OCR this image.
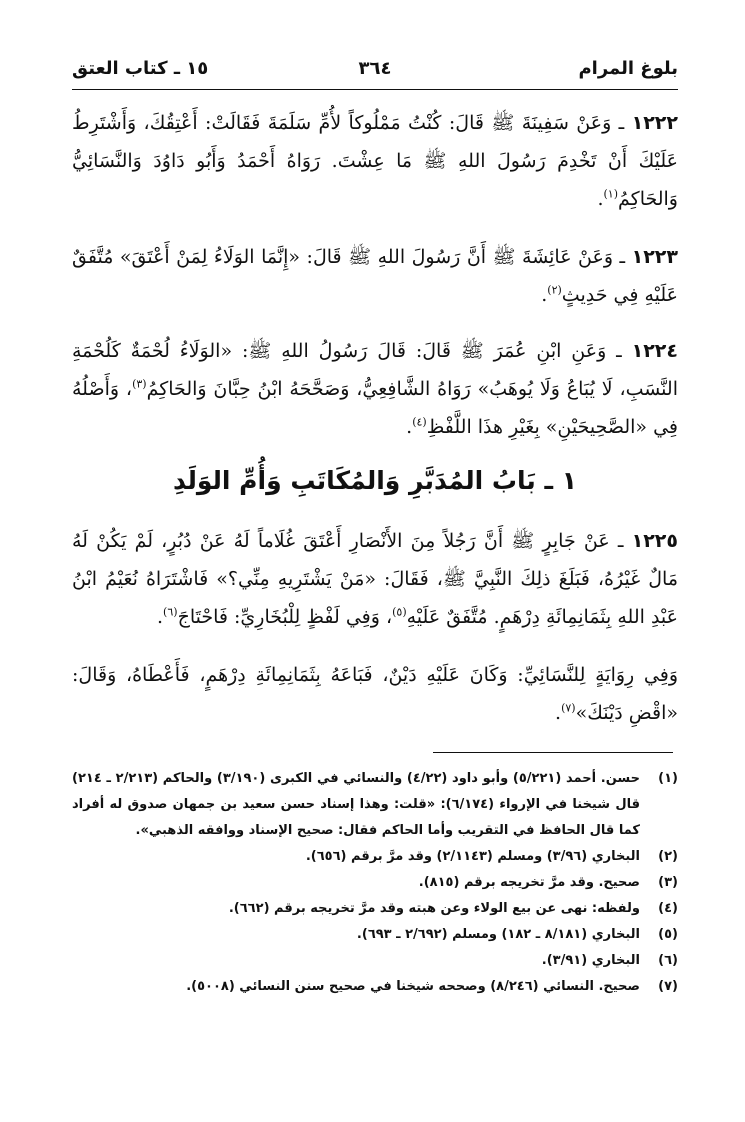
بلوغ المرام
٣٦٤
١٥ ـ كتاب العتق

١٢٢٢ ـ وَعَنْ سَفِينَةَ ﷺ قَالَ: كُنْتُ مَمْلُوكاً لأُمِّ سَلَمَةَ فَقَالَتْ: أَعْتِقُكَ، وَأَشْتَرِطُ عَلَيْكَ أَنْ تَخْدِمَ رَسُولَ اللهِ ﷺ مَا عِشْتَ. رَوَاهُ أَحْمَدُ وَأَبُو دَاوُدَ وَالنَّسَائِيُّ وَالحَاكِمُ$^{(١)}$.

١٢٢٣ ـ وَعَنْ عَائِشَةَ ﷺ أَنَّ رَسُولَ اللهِ ﷺ قَالَ: «إِنَّمَا الوَلَاءُ لِمَنْ أَعْتَقَ» مُتَّفَقٌ عَلَيْهِ فِي حَدِيثٍ$^{(٢)}$.

١٢٢٤ ـ وَعَنِ ابْنِ عُمَرَ ﷺ قَالَ: قَالَ رَسُولُ اللهِ ﷺ: «الوَلَاءُ لُحْمَةٌ كَلُحْمَةِ النَّسَبِ، لَا يُبَاعُ وَلَا يُوهَبُ» رَوَاهُ الشَّافِعِيُّ، وَصَحَّحَهُ ابْنُ حِبَّانَ وَالحَاكِمُ$^{(٣)}$، وَأَصْلُهُ فِي «الصَّحِيحَيْنِ» بِغَيْرِ هذَا اللَّفْظِ$^{(٤)}$.

١ ـ بَابُ المُدَبَّرِ وَالمُكَاتَبِ وَأُمِّ الوَلَدِ

١٢٢٥ ـ عَنْ جَابِرٍ ﷺ أَنَّ رَجُلاً مِنَ الأَنْصَارِ أَعْتَقَ غُلَاماً لَهُ عَنْ دُبُرٍ، لَمْ يَكُنْ لَهُ مَالٌ غَيْرُهُ، فَبَلَغَ ذلِكَ النَّبِيَّ ﷺ، فَقَالَ: «مَنْ يَشْتَرِيهِ مِنِّي؟» فَاشْتَرَاهُ نُعَيْمُ ابْنُ عَبْدِ اللهِ بِثَمَانِمِائَةِ دِرْهَمٍ. مُتَّفَقٌ عَلَيْهِ$^{(٥)}$، وَفِي لَفْظٍ لِلْبُخَارِيِّ: فَاحْتَاجَ$^{(٦)}$.

وَفِي رِوَايَةٍ لِلنَّسَائِيِّ: وَكَانَ عَلَيْهِ دَيْنٌ، فَبَاعَهُ بِثَمَانِمِائَةِ دِرْهَمٍ، فَأَعْطَاهُ، وَقَالَ: «اقْضِ دَيْنَكَ»$^{(٧)}$.

(١)
حسن. أحمد (٥/٢٢١) وأبو داود (٤/٢٢) والنسائي في الكبرى (٣/١٩٠) والحاكم (٢/٢١٣ ـ ٢١٤) قال شيخنا في الإرواء (٦/١٧٤): «قلت: وهذا إسناد حسن سعيد بن جمهان صدوق له أفراد كما قال الحافظ في التقريب وأما الحاكم فقال: صحيح الإسناد ووافقه الذهبي».
(٢)
البخاري (٣/٩٦) ومسلم (٢/١١٤٣) وقد مرَّ برقم (٦٥٦).
(٣)
صحيح. وقد مرَّ تخريجه برقم (٨١٥).
(٤)
ولفظه: نهى عن بيع الولاء وعن هبته وقد مرَّ تخريجه برقم (٦٦٢).
(٥)
البخاري (٨/١٨١ ـ ١٨٢) ومسلم (٢/٦٩٢ ـ ٦٩٣).
(٦)
البخاري (٣/٩١).
(٧)
صحيح. النسائي (٨/٢٤٦) وصححه شيخنا في صحيح سنن النسائي (٥٠٠٨).
